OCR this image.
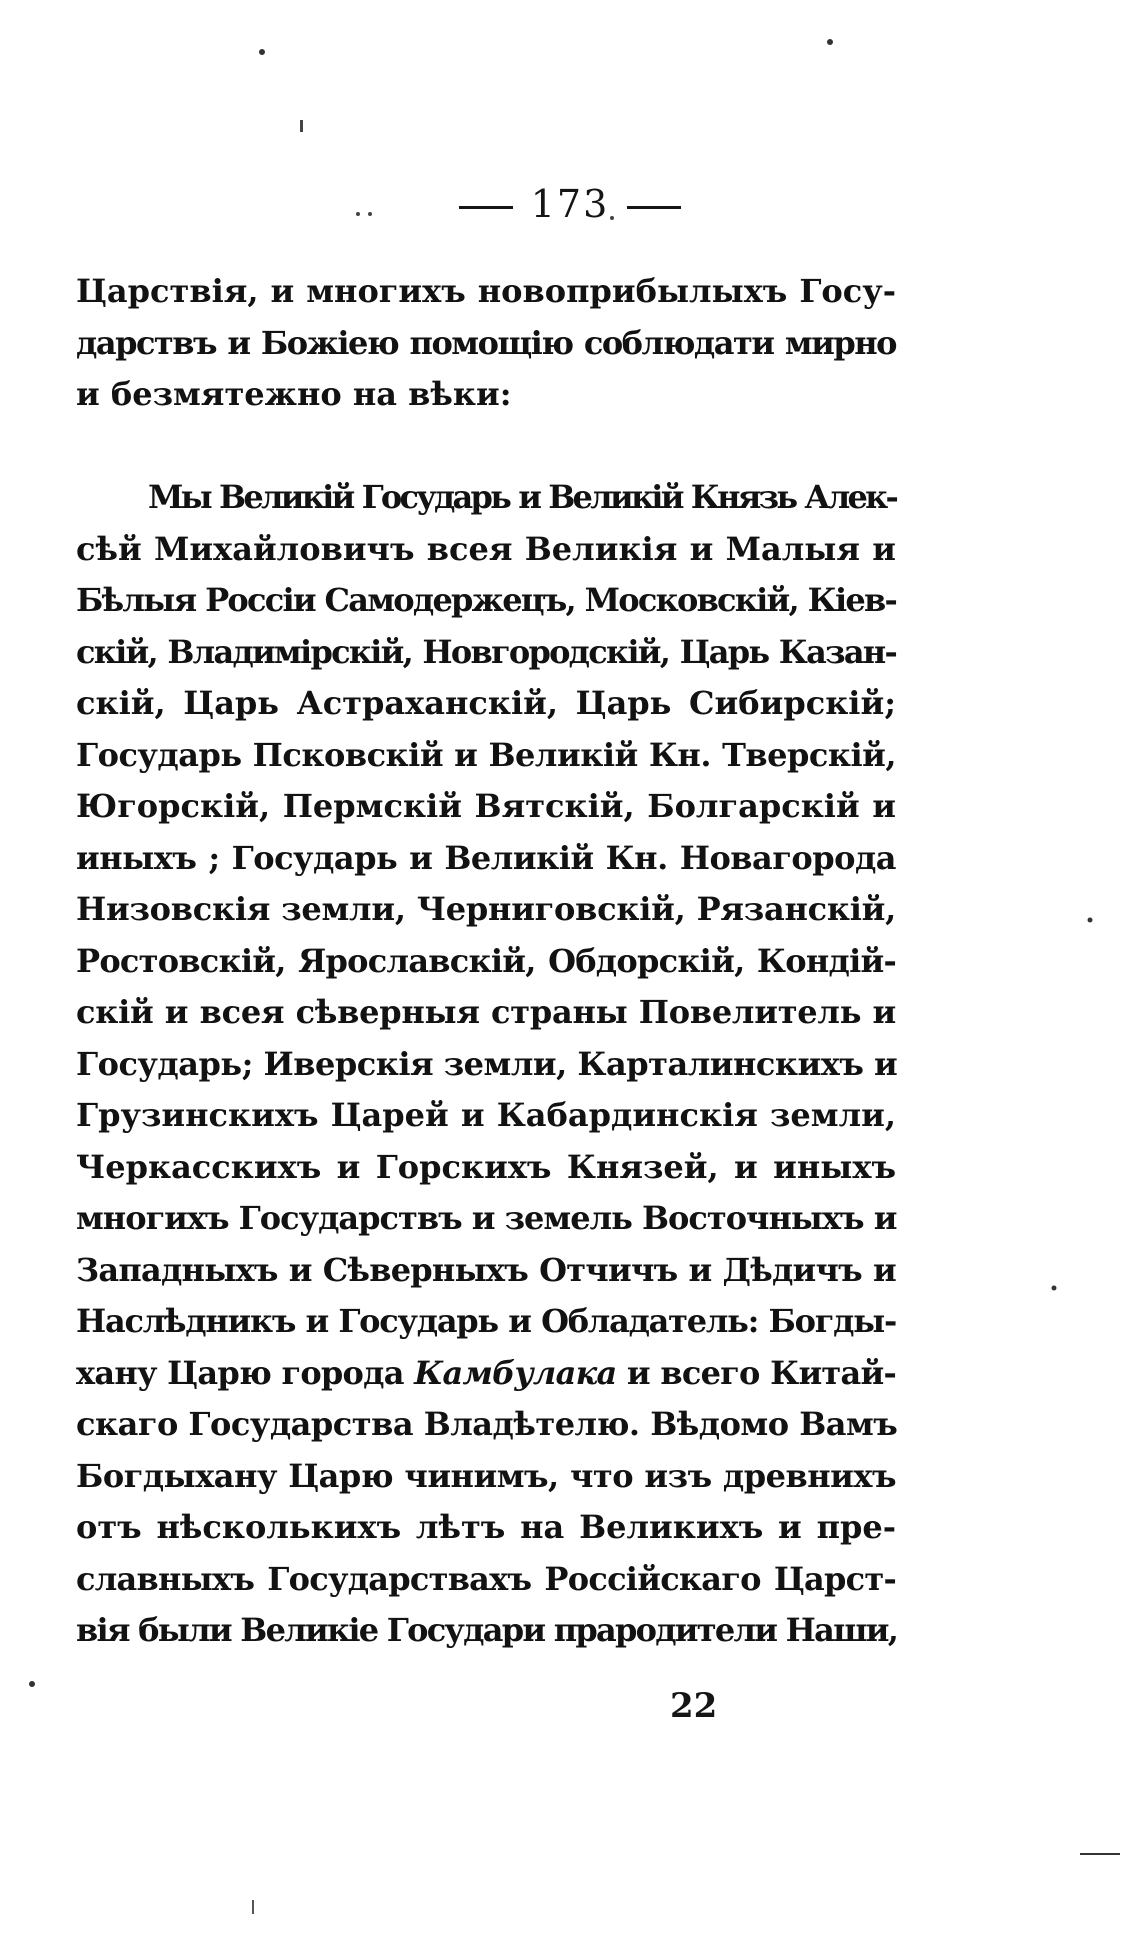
173
Царствія, и многихъ новоприбылыхъ Госу-
дарствъ и Божіею помощію соблюдати мирно
и безмятежно на вѣки:
Мы Великій Государь и Великій Князь Алек-
сѣй Михайловичъ всея Великія и Малыя и
Бѣлыя Россіи Самодержецъ, Московскій, Кіев-
скій, Владимірскій, Новгородскій, Царь Казан-
скій, Царь Астраханскій, Царь Сибирскій;
Государь Псковскій и Великій Кн. Тверскій,
Югорскій, Пермскій Вятскій, Болгарскій и
иныхъ ; Государь и Великій Кн. Новагорода
Низовскія земли, Черниговскій, Рязанскій,
Ростовскій, Ярославскій, Обдорскій, Кондій-
скій и всея сѣверныя страны Повелитель и
Государь; Иверскія земли, Карталинскихъ и
Грузинскихъ Царей и Кабардинскія земли,
Черкасскихъ и Горскихъ Князей, и иныхъ
многихъ Государствъ и земель Восточныхъ и
Западныхъ и Сѣверныхъ Отчичъ и Дѣдичъ и
Наслѣдникъ и Государь и Обладатель: Богды-
хану Царю города Камбулака и всего Китай-
скаго Государства Владѣтелю. Вѣдомо Вамъ
Богдыхану Царю чинимъ, что изъ древнихъ
отъ нѣсколькихъ лѣтъ на Великихъ и пре-
славныхъ Государствахъ Россійскаго Царст-
вія были Великіе Государи прародители Наши,
22
